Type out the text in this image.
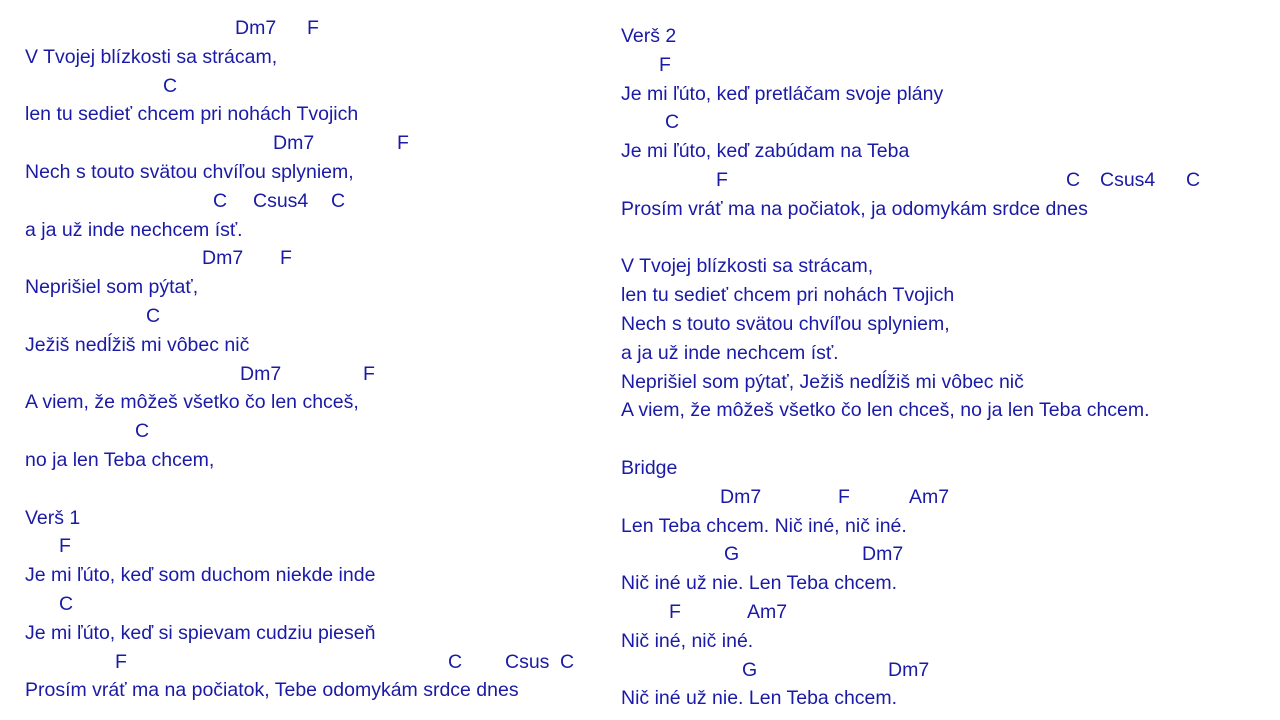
Dm7 F
V Tvojej blízkosti sa strácam,
C
len tu sedieť chcem pri nohách Tvojich
Dm7	F
Nech s touto svätou chvíľou splyniem,
C Csus4 C
a ja už inde nechcem ísť.
Dm7 F
Neprišiel som pýtať,
C
Ježiš nedĺžiš mi vôbec nič
Dm7	F
A viem, že môžeš všetko čo len chceš,
C
no ja len Teba chcem,
Verš 1
F
Je mi ľúto, keď som duchom niekde inde
C
Je mi ľúto, keď si spievam cudziu pieseň
F	C Csus C
Prosím vráť ma na počiatok, Tebe odomykám srdce dnes
Verš 2
F
Je mi ľúto, keď pretláčam svoje plány
C
Je mi ľúto, keď zabúdam na Teba
F	C Csus4 C
Prosím vráť ma na počiatok, ja odomykám srdce dnes
V Tvojej blízkosti sa strácam,
len tu sedieť chcem pri nohách Tvojich
Nech s touto svätou chvíľou splyniem,
a ja už inde nechcem ísť.
Neprišiel som pýtať, Ježiš nedĺžiš mi vôbec nič
A viem, že môžeš všetko čo len chceš, no ja len Teba chcem.
Bridge
Dm7	F	Am7
Len Teba chcem. Nič iné, nič iné.
G	Dm7
Nič iné už nie. Len Teba chcem.
F	Am7
Nič iné, nič iné.
G	Dm7
Nič iné už nie. Len Teba chcem.
